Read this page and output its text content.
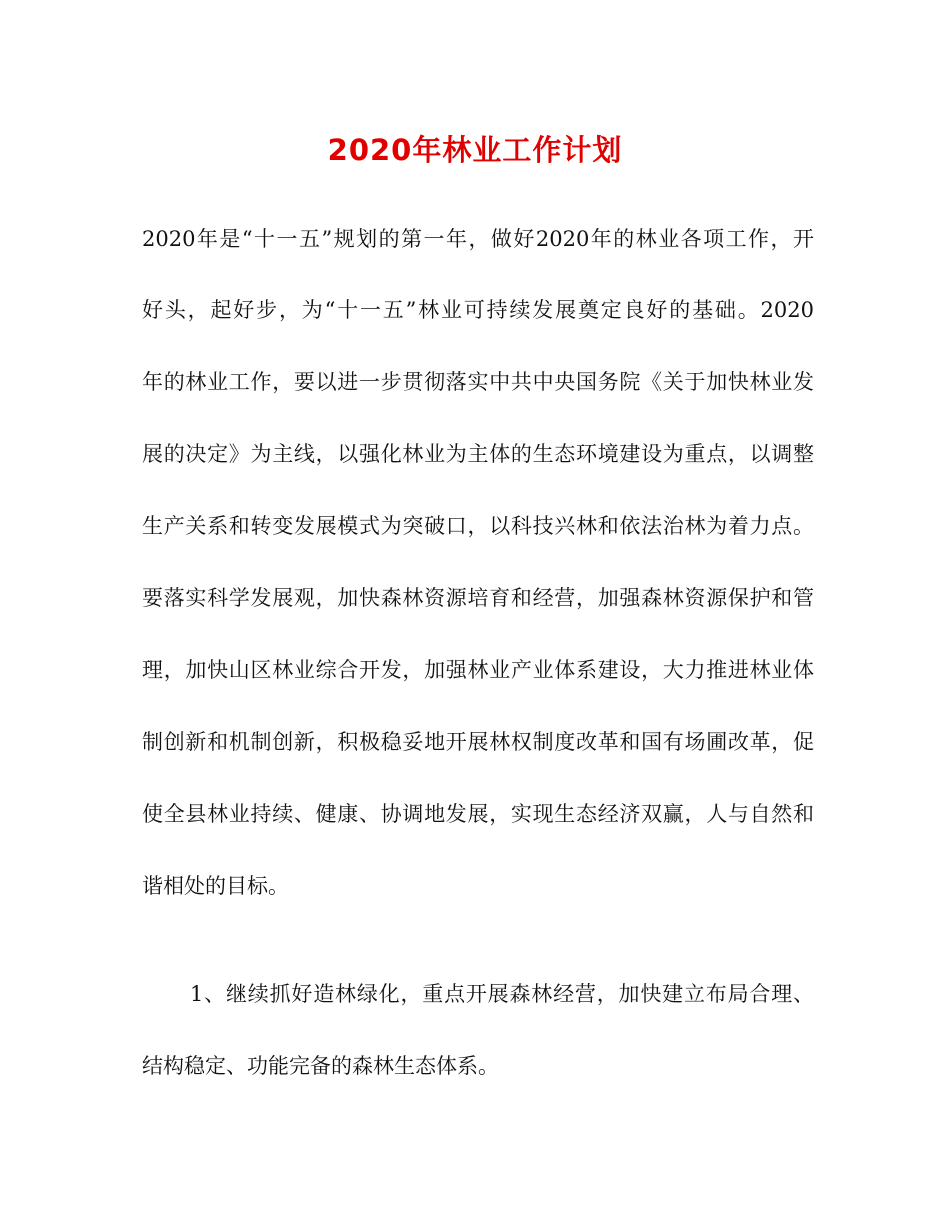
2020年林业工作计划
2020年是“十一五”规划的第一年，做好2020年的林业各项工作，开
好头，起好步，为“十一五”林业可持续发展奠定良好的基础。2020
年的林业工作，要以进一步贯彻落实中共中央国务院《关于加快林业发
展的决定》为主线，以强化林业为主体的生态环境建设为重点，以调整
生产关系和转变发展模式为突破口，以科技兴林和依法治林为着力点。
要落实科学发展观，加快森林资源培育和经营，加强森林资源保护和管
理，加快山区林业综合开发，加强林业产业体系建设，大力推进林业体
制创新和机制创新，积极稳妥地开展林权制度改革和国有场圃改革，促
使全县林业持续、健康、协调地发展，实现生态经济双赢，人与自然和
谐相处的目标。
1、继续抓好造林绿化，重点开展森林经营，加快建立布局合理、
结构稳定、功能完备的森林生态体系。
